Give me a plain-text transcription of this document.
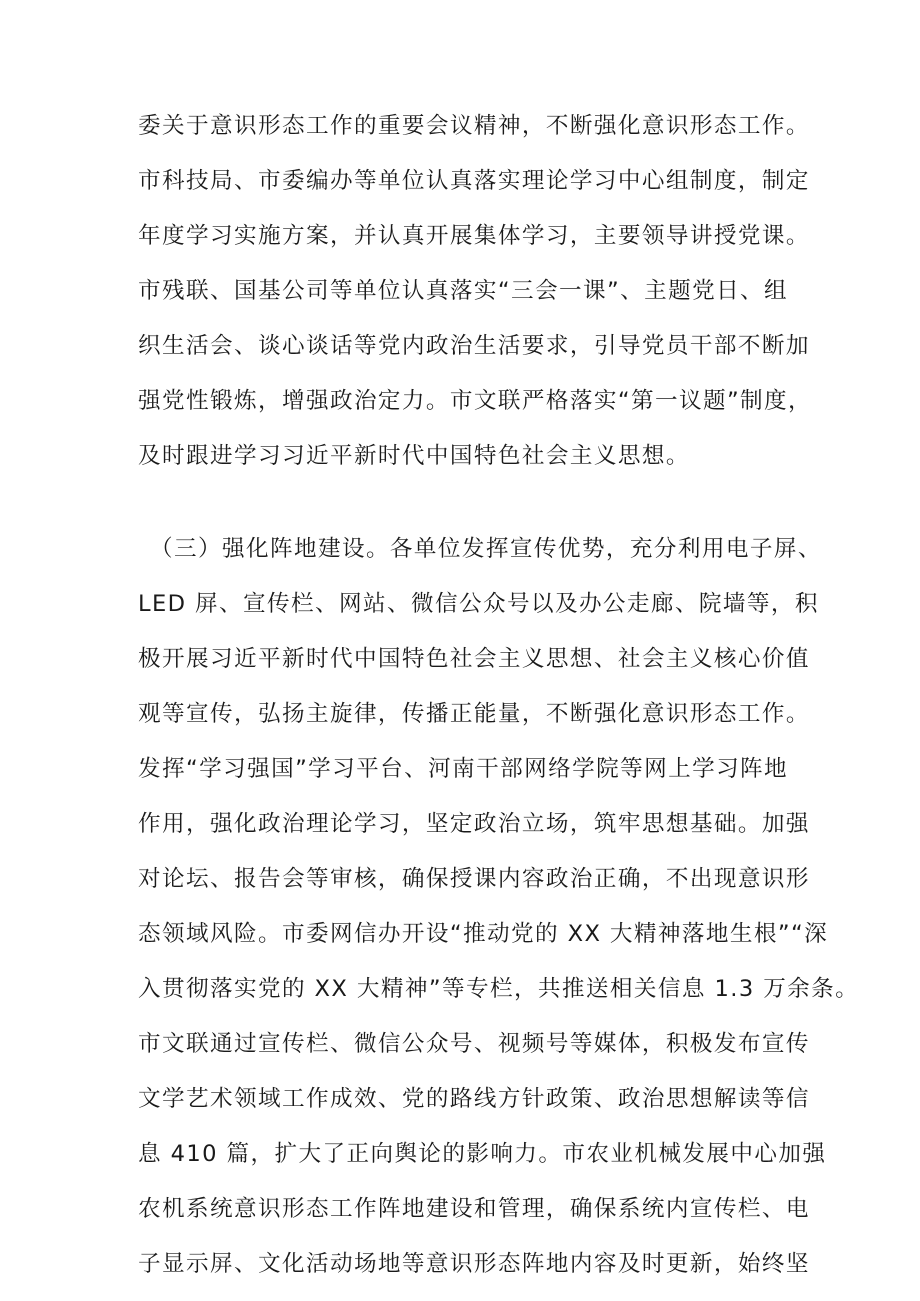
委关于意识形态工作的重要会议精神，不断强化意识形态工作。
市科技局、市委编办等单位认真落实理论学习中心组制度，制定
年度学习实施方案，并认真开展集体学习，主要领导讲授党课。
市残联、国基公司等单位认真落实“三会一课”、主题党日、组
织生活会、谈心谈话等党内政治生活要求，引导党员干部不断加
强党性锻炼，增强政治定力。市文联严格落实“第一议题”制度，
及时跟进学习习近平新时代中国特色社会主义思想。
（三）强化阵地建设。各单位发挥宣传优势，充分利用电子屏、
LED 屏、宣传栏、网站、微信公众号以及办公走廊、院墙等，积
极开展习近平新时代中国特色社会主义思想、社会主义核心价值
观等宣传，弘扬主旋律，传播正能量，不断强化意识形态工作。
发挥“学习强国”学习平台、河南干部网络学院等网上学习阵地
作用，强化政治理论学习，坚定政治立场，筑牢思想基础。加强
对论坛、报告会等审核，确保授课内容政治正确，不出现意识形
态领域风险。市委网信办开设“推动党的 XX 大精神落地生根”“深
入贯彻落实党的 XX 大精神”等专栏，共推送相关信息 1.3 万余条。
市文联通过宣传栏、微信公众号、视频号等媒体，积极发布宣传
文学艺术领域工作成效、党的路线方针政策、政治思想解读等信
息 410 篇，扩大了正向舆论的影响力。市农业机械发展中心加强
农机系统意识形态工作阵地建设和管理，确保系统内宣传栏、电
子显示屏、文化活动场地等意识形态阵地内容及时更新，始终坚
